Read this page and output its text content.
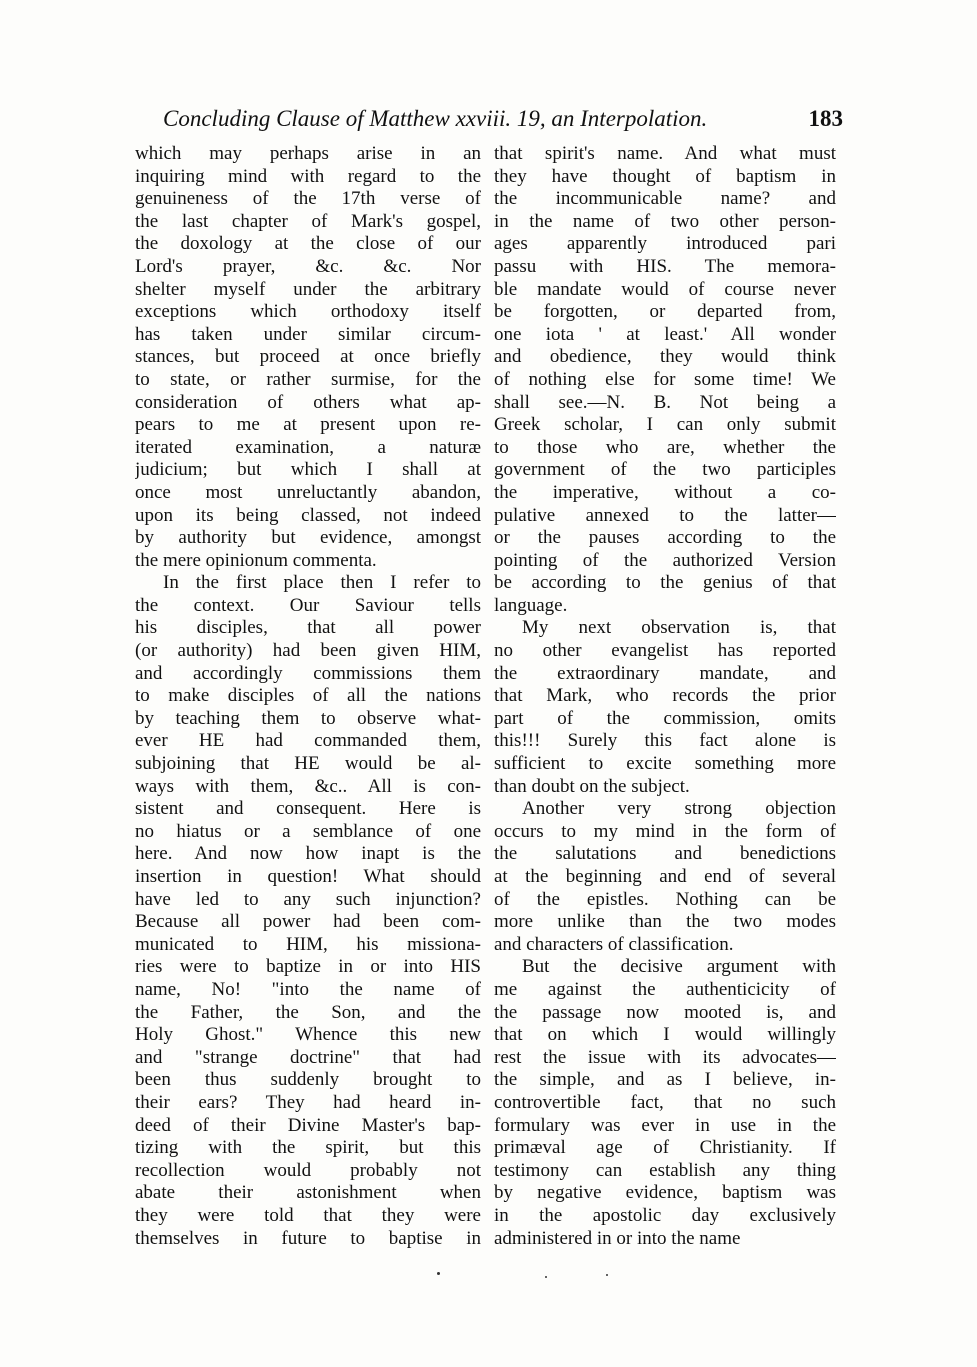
Concluding Clause of Matthew xxviii. 19, an Interpolation.	183
which may perhaps arise in an
inquiring mind with regard to the
genuineness of the 17th verse of
the last chapter of Mark's gospel,
the doxology at the close of our
Lord's prayer, &c. &c. Nor
shelter myself under the arbitrary
exceptions which orthodoxy itself
has taken under similar circum-
stances, but proceed at once briefly
to state, or rather surmise, for the
consideration of others what ap-
pears to me at present upon re-
iterated examination, a naturæ
judicium; but which I shall at
once most unreluctantly abandon,
upon its being classed, not indeed
by authority but evidence, amongst
the mere opinionum commenta.
In the first place then I refer to
the context. Our Saviour tells
his disciples, that all power
(or authority) had been given HIM,
and accordingly commissions them
to make disciples of all the nations
by teaching them to observe what-
ever HE had commanded them,
subjoining that HE would be al-
ways with them, &c.. All is con-
sistent and consequent. Here is
no hiatus or a semblance of one
here. And now how inapt is the
insertion in question! What should
have led to any such injunction?
Because all power had been com-
municated to HIM, his missiona-
ries were to baptize in or into HIS
name, No! "into the name of
the Father, the Son, and the
Holy Ghost." Whence this new
and "strange doctrine" that had
been thus suddenly brought to
their ears? They had heard in-
deed of their Divine Master's bap-
tizing with the spirit, but this
recollection would probably not
abate their astonishment when
they were told that they were
themselves in future to baptise in
that spirit's name. And what must
they have thought of baptism in
the incommunicable name? and
in the name of two other person-
ages apparently introduced pari
passu with HIS. The memora-
ble mandate would of course never
be forgotten, or departed from,
one iota ' at least.' All wonder
and obedience, they would think
of nothing else for some time! We
shall see.—N. B. Not being a
Greek scholar, I can only submit
to those who are, whether the
government of the two participles
the imperative, without a co-
pulative annexed to the latter—
or the pauses according to the
pointing of the authorized Version
be according to the genius of that
language.
My next observation is, that
no other evangelist has reported
the extraordinary mandate, and
that Mark, who records the prior
part of the commission, omits
this!!! Surely this fact alone is
sufficient to excite something more
than doubt on the subject.
Another very strong objection
occurs to my mind in the form of
the salutations and benedictions
at the beginning and end of several
of the epistles. Nothing can be
more unlike than the two modes
and characters of classification.
But the decisive argument with
me against the authenticicity of
the passage now mooted is, and
that on which I would willingly
rest the issue with its advocates—
the simple, and as I believe, in-
controvertible fact, that no such
formulary was ever in use in the
primæval age of Christianity. If
testimony can establish any thing
by negative evidence, baptism was
in the apostolic day exclusively
administered in or into the name
